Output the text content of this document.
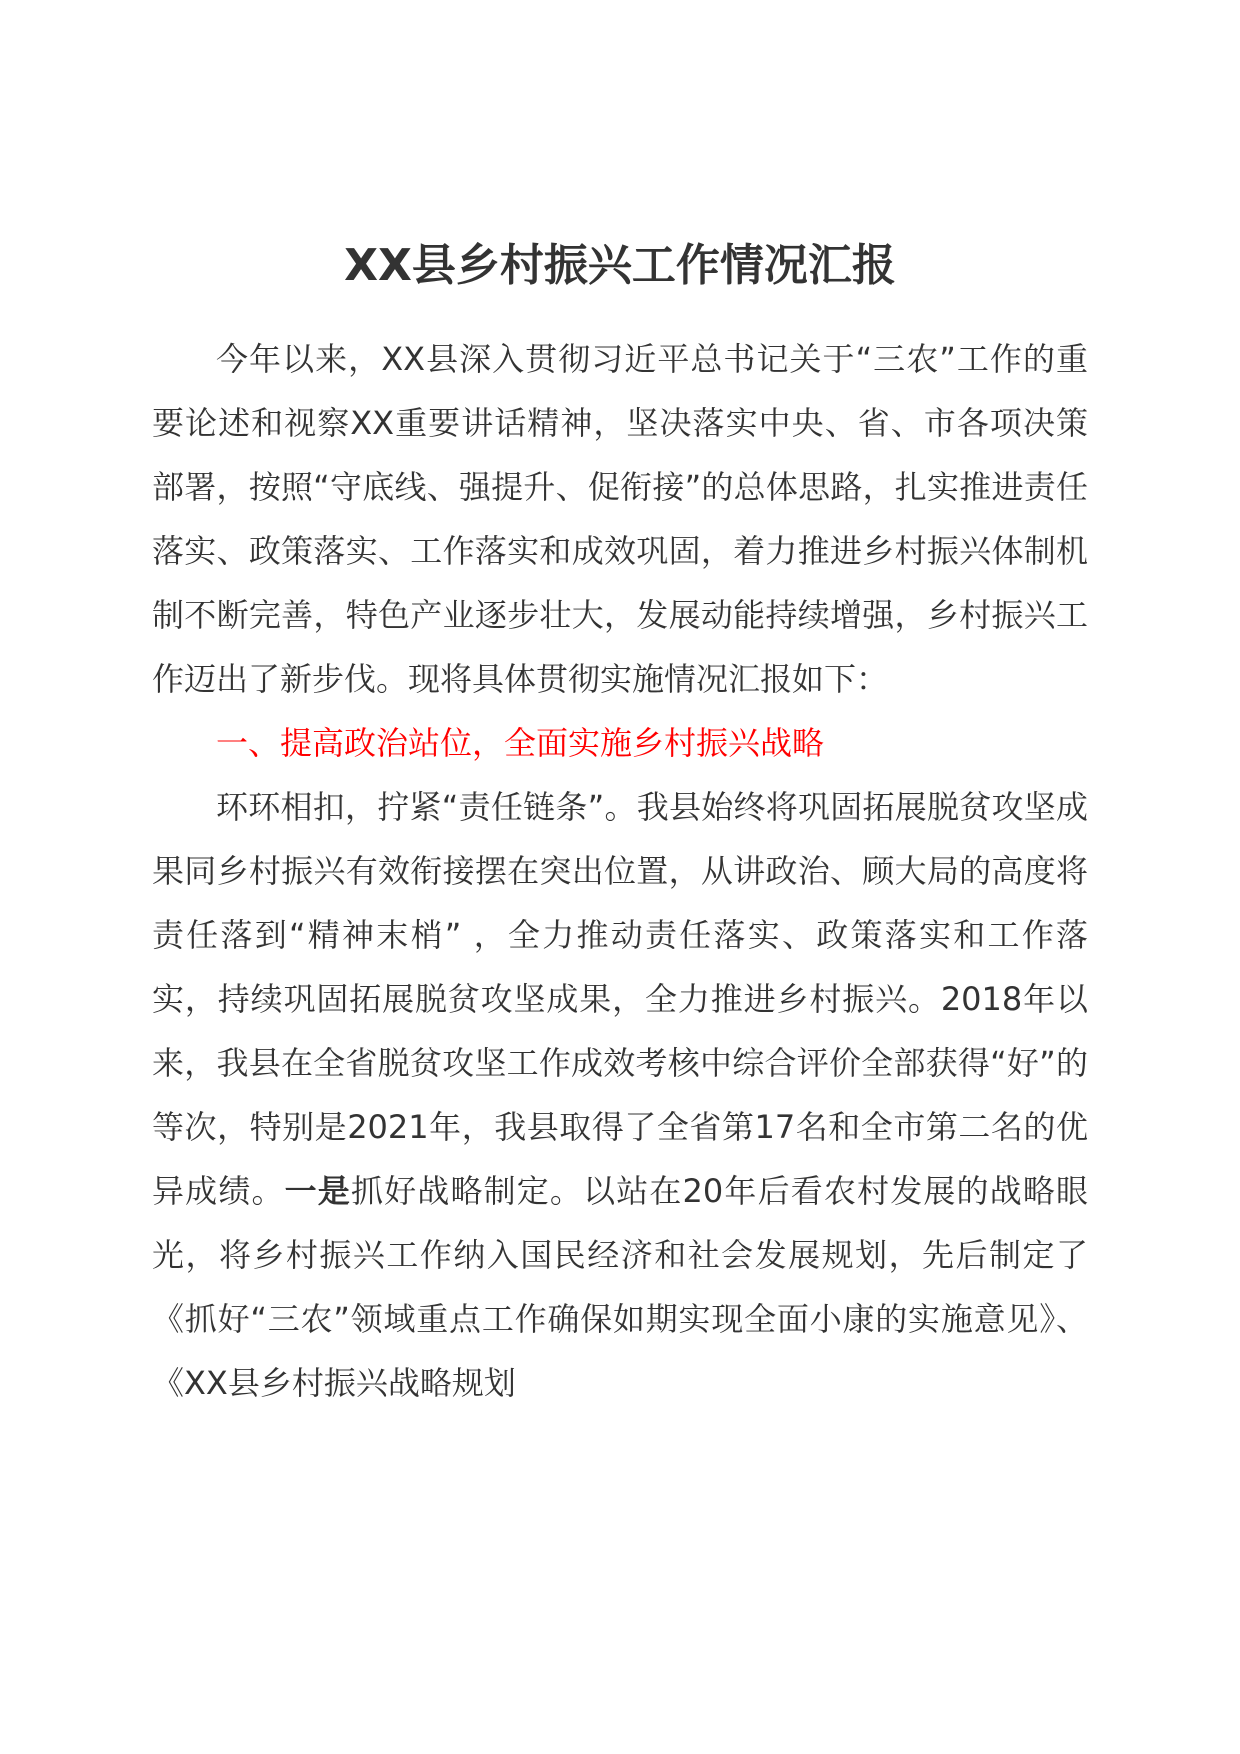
XX县乡村振兴工作情况汇报

今年以来，XX县深入贯彻习近平总书记关于“三农”工作的重要论述和视察XX重要讲话精神，坚决落实中央、省、市各项决策部署，按照“守底线、强提升、促衔接”的总体思路，扎实推进责任落实、政策落实、工作落实和成效巩固，着力推进乡村振兴体制机制不断完善，特色产业逐步壮大，发展动能持续增强，乡村振兴工作迈出了新步伐。现将具体贯彻实施情况汇报如下：

一、提高政治站位，全面实施乡村振兴战略

环环相扣，拧紧“责任链条”。我县始终将巩固拓展脱贫攻坚成果同乡村振兴有效衔接摆在突出位置，从讲政治、顾大局的高度将责任落到“精神末梢” ，全力推动责任落实、政策落实和工作落实，持续巩固拓展脱贫攻坚成果，全力推进乡村振兴。2018年以来，我县在全省脱贫攻坚工作成效考核中综合评价全部获得“好”的等次，特别是2021年，我县取得了全省第17名和全市第二名的优异成绩。一是抓好战略制定。以站在20年后看农村发展的战略眼光，将乡村振兴工作纳入国民经济和社会发展规划，先后制定了《抓好“三农”领域重点工作确保如期实现全面小康的实施意见》、《XX县乡村振兴战略规划
